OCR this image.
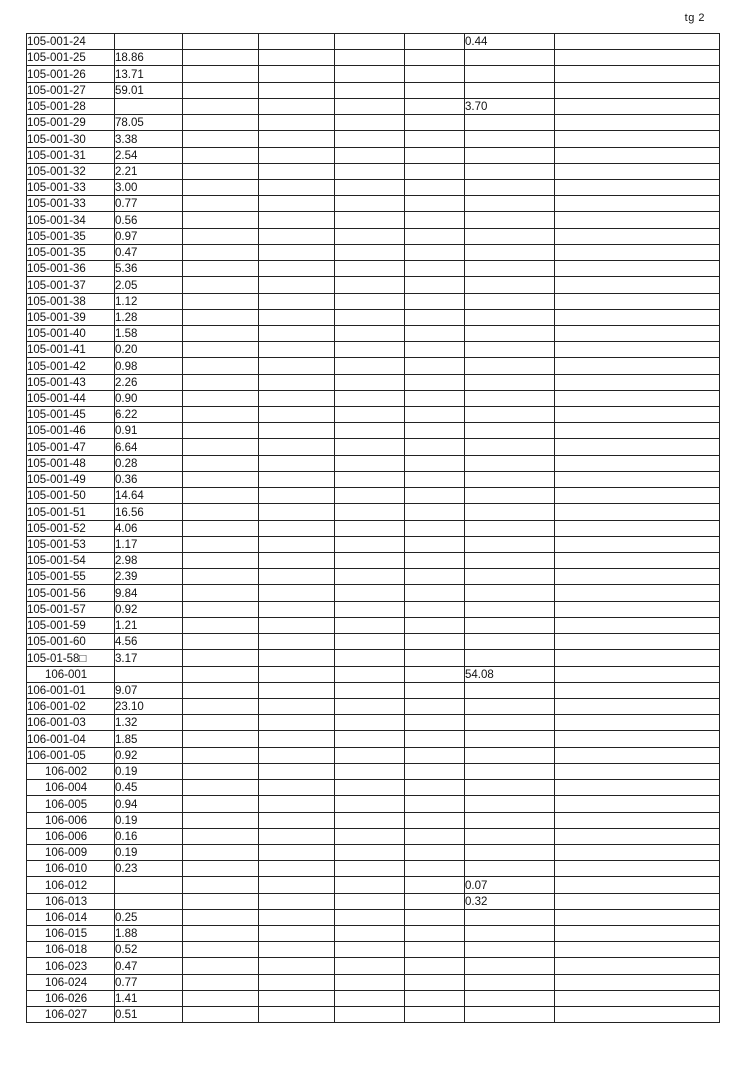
tg 2
105-001-24						0.44	
105-001-25	18.86						
105-001-26	13.71						
105-001-27	59.01						
105-001-28						3.70	
105-001-29	78.05						
105-001-30	3.38						
105-001-31	2.54						
105-001-32	2.21						
105-001-33	3.00						
105-001-33	0.77						
105-001-34	0.56						
105-001-35	0.97						
105-001-35	0.47						
105-001-36	5.36						
105-001-37	2.05						
105-001-38	1.12						
105-001-39	1.28						
105-001-40	1.58						
105-001-41	0.20						
105-001-42	0.98						
105-001-43	2.26						
105-001-44	0.90						
105-001-45	6.22						
105-001-46	0.91						
105-001-47	6.64						
105-001-48	0.28						
105-001-49	0.36						
105-001-50	14.64						
105-001-51	16.56						
105-001-52	4.06						
105-001-53	1.17						
105-001-54	2.98						
105-001-55	2.39						
105-001-56	9.84						
105-001-57	0.92						
105-001-59	1.21						
105-001-60	4.56						
105-01-58□	3.17						
106-001						54.08	
106-001-01	9.07						
106-001-02	23.10						
106-001-03	1.32						
106-001-04	1.85						
106-001-05	0.92						
106-002	0.19						
106-004	0.45						
106-005	0.94						
106-006	0.19						
106-006	0.16						
106-009	0.19						
106-010	0.23						
106-012						0.07	
106-013						0.32	
106-014	0.25						
106-015	1.88						
106-018	0.52						
106-023	0.47						
106-024	0.77						
106-026	1.41						
106-027	0.51						
